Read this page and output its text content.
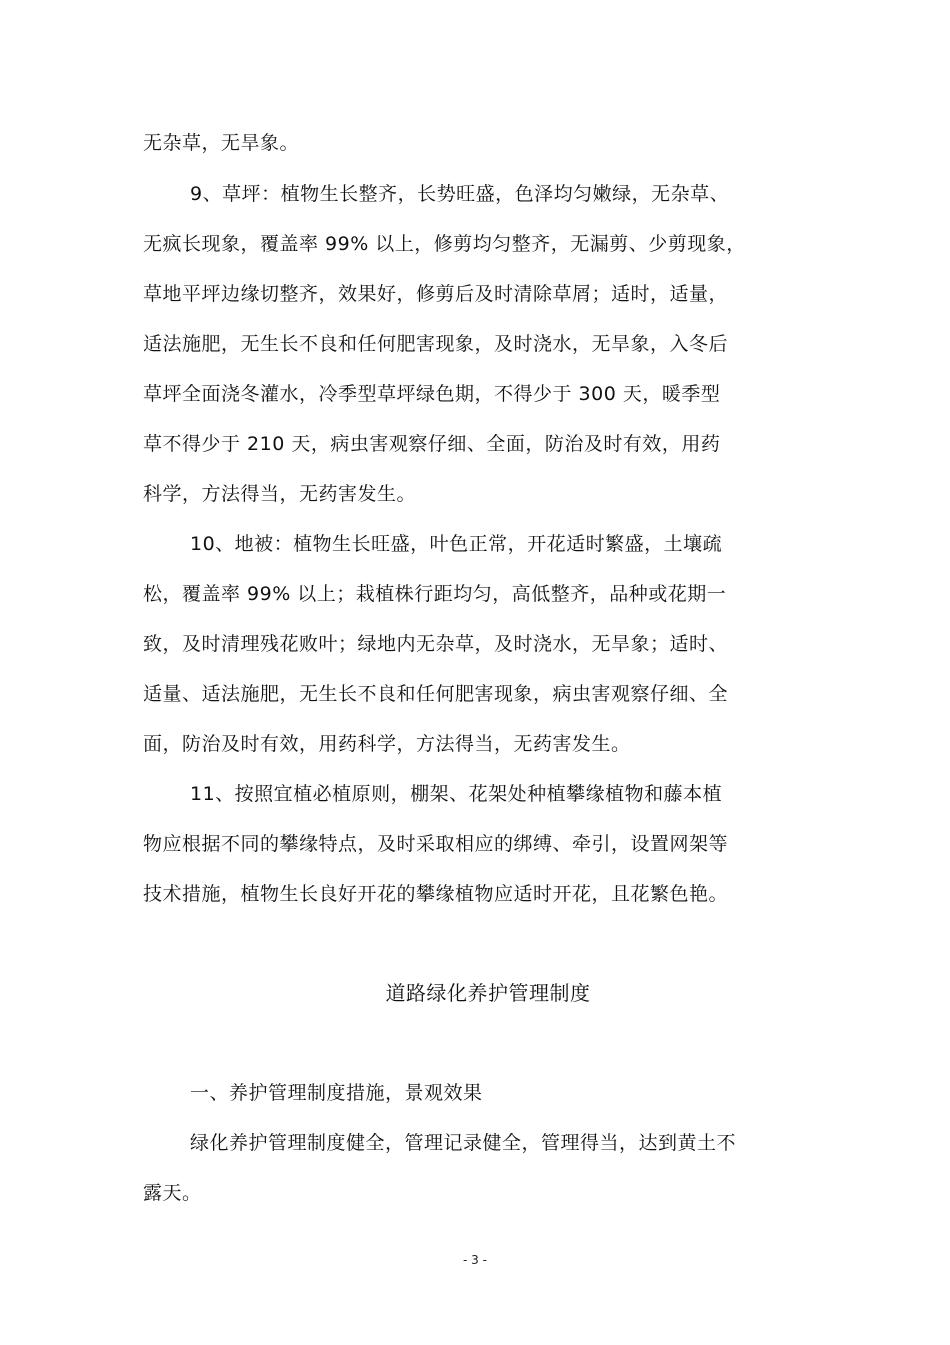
无杂草，无旱象。
9、草坪：植物生长整齐，长势旺盛，色泽均匀嫩绿，无杂草、
无疯长现象，覆盖率 99% 以上，修剪均匀整齐，无漏剪、少剪现象，
草地平坪边缘切整齐，效果好，修剪后及时清除草屑；适时，适量，
适法施肥，无生长不良和任何肥害现象，及时浇水，无旱象，入冬后
草坪全面浇冬灌水，冷季型草坪绿色期，不得少于 300 天，暖季型
草不得少于 210 天，病虫害观察仔细、全面，防治及时有效，用药
科学，方法得当，无药害发生。
10、地被：植物生长旺盛，叶色正常，开花适时繁盛，土壤疏
松，覆盖率 99% 以上；栽植株行距均匀，高低整齐，品种或花期一
致，及时清理残花败叶；绿地内无杂草，及时浇水，无旱象；适时、
适量、适法施肥，无生长不良和任何肥害现象，病虫害观察仔细、全
面，防治及时有效，用药科学，方法得当，无药害发生。
11、按照宜植必植原则，棚架、花架处种植攀缘植物和藤本植
物应根据不同的攀缘特点，及时采取相应的绑缚、牵引，设置网架等
技术措施，植物生长良好开花的攀缘植物应适时开花，且花繁色艳。
道路绿化养护管理制度
一、养护管理制度措施，景观效果
绿化养护管理制度健全，管理记录健全，管理得当，达到黄土不
露天。
- 3 -
